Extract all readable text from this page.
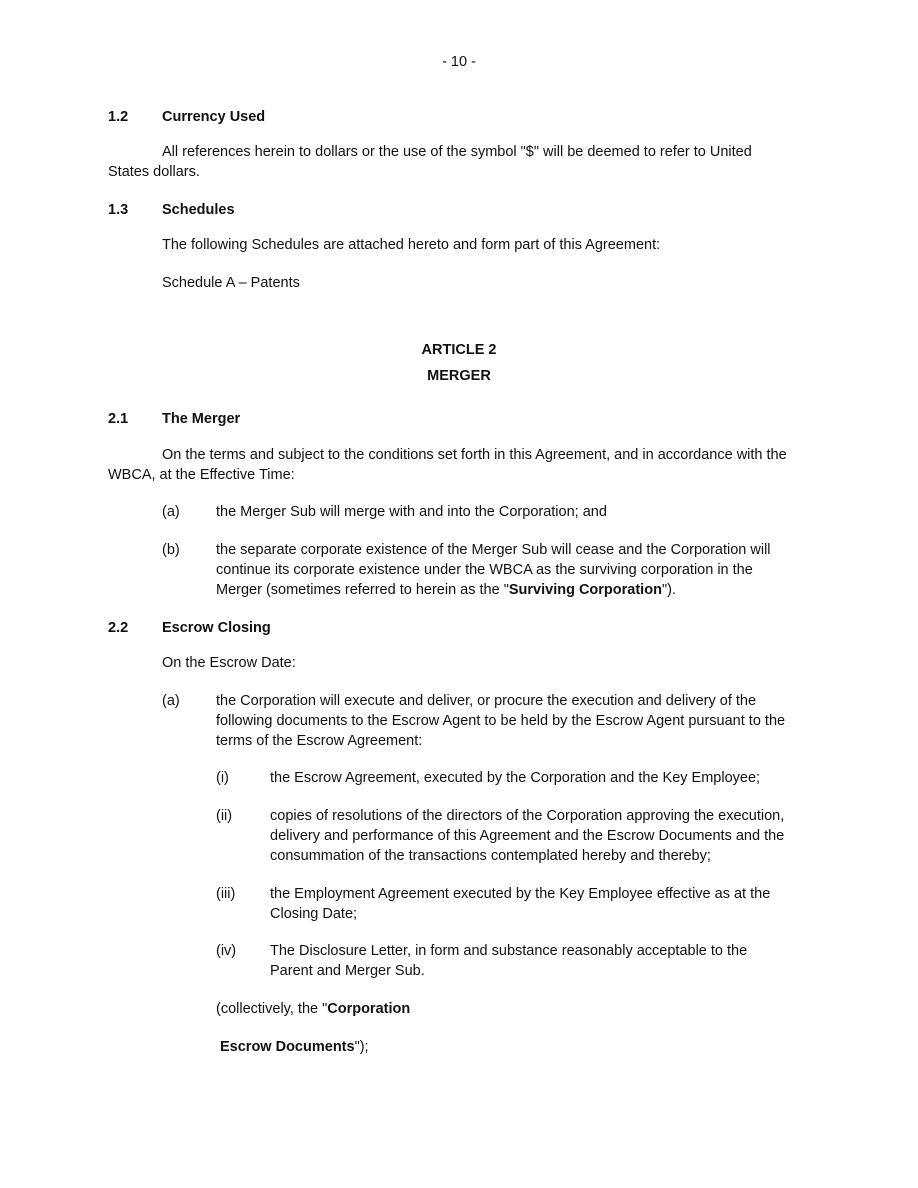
- 10 -
1.2 Currency Used
All references herein to dollars or the use of the symbol "$" will be deemed to refer to United States dollars.
1.3 Schedules
The following Schedules are attached hereto and form part of this Agreement:
Schedule A – Patents
ARTICLE 2
MERGER
2.1 The Merger
On the terms and subject to the conditions set forth in this Agreement, and in accordance with the WBCA, at the Effective Time:
(a)	the Merger Sub will merge with and into the Corporation; and
(b)	the separate corporate existence of the Merger Sub will cease and the Corporation will continue its corporate existence under the WBCA as the surviving corporation in the Merger (sometimes referred to herein as the "Surviving Corporation").
2.2 Escrow Closing
On the Escrow Date:
(a)	the Corporation will execute and deliver, or procure the execution and delivery of the following documents to the Escrow Agent to be held by the Escrow Agent pursuant to the terms of the Escrow Agreement:
(i)	the Escrow Agreement, executed by the Corporation and the Key Employee;
(ii)	copies of resolutions of the directors of the Corporation approving the execution, delivery and performance of this Agreement and the Escrow Documents and the consummation of the transactions contemplated hereby and thereby;
(iii) the Employment Agreement executed by the Key Employee effective as at the Closing Date;
(iv) The Disclosure Letter, in form and substance reasonably acceptable to the Parent and Merger Sub.
(collectively, the "Corporation
Escrow Documents");
